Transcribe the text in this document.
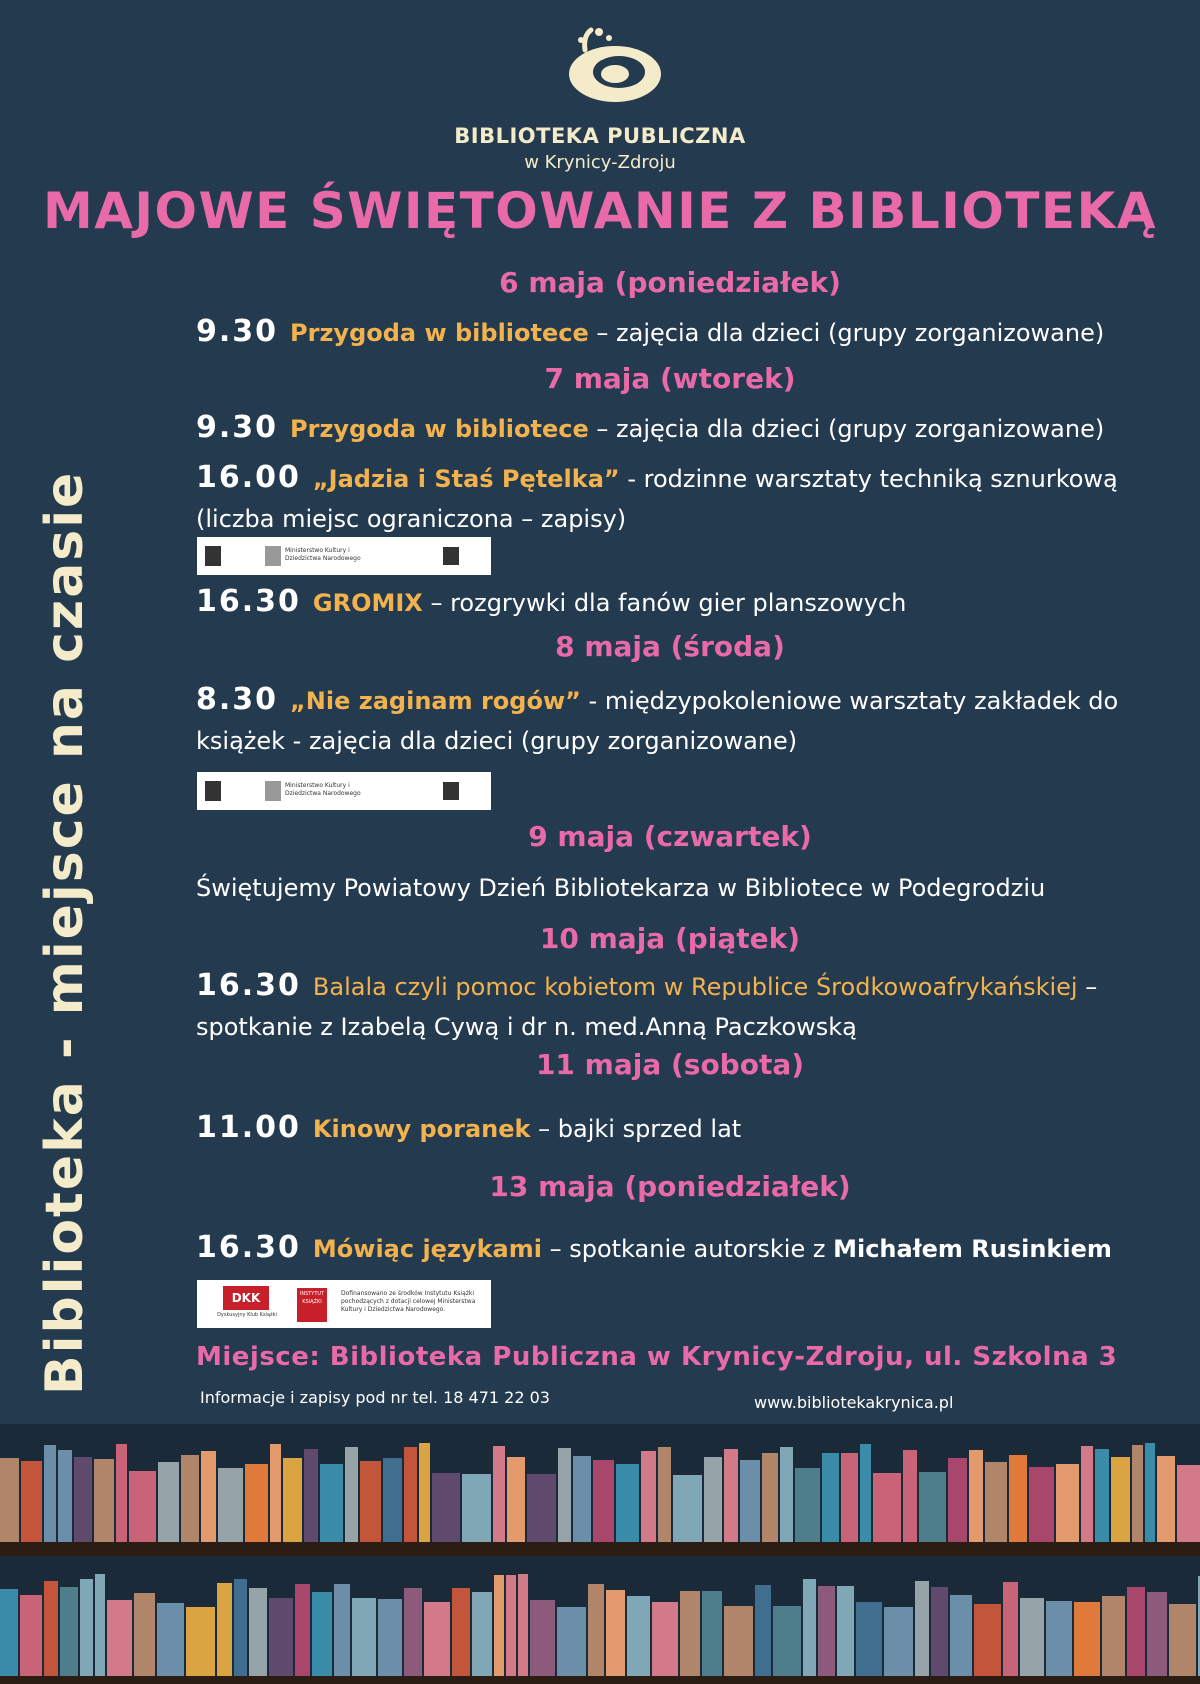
BIBLIOTEKA PUBLICZNA
w Krynicy-Zdroju
MAJOWE ŚWIĘTOWANIE Z BIBLIOTEKĄ
Biblioteka - miejsce na czasie
6 maja (poniedziałek)
9.30 Przygoda w bibliotece – zajęcia dla dzieci (grupy zorganizowane)
7 maja (wtorek)
9.30 Przygoda w bibliotece – zajęcia dla dzieci (grupy zorganizowane)
16.00 „Jadzia i Staś Pętelka” - rodzinne warsztaty techniką sznurkową (liczba miejsc ograniczona – zapisy)
Ministerstwo Kultury i Dziedzictwa Narodowego
16.30 GROMIX – rozgrywki dla fanów gier planszowych
8 maja (środa)
8.30 „Nie zaginam rogów” - międzypokoleniowe warsztaty zakładek do książek - zajęcia dla dzieci (grupy zorganizowane)
Ministerstwo Kultury i Dziedzictwa Narodowego
9 maja (czwartek)
Świętujemy Powiatowy Dzień Bibliotekarza w Bibliotece w Podegrodziu
10 maja (piątek)
16.30 Balala czyli pomoc kobietom w Republice Środkowoafrykańskiej – spotkanie z Izabelą Cywą i dr n. med.Anną Paczkowską
11 maja (sobota)
11.00 Kinowy poranek – bajki sprzed lat
13 maja (poniedziałek)
16.30 Mówiąc językami – spotkanie autorskie z Michałem Rusinkiem
DKK
Dyskusyjny Klub Książki
INSTYTUT KSIĄŻKI
Dofinansowano ze środków Instytutu Książki pochodzących z dotacji celowej Ministerstwa Kultury i Dziedzictwa Narodowego.
Miejsce: Biblioteka Publiczna w Krynicy-Zdroju, ul. Szkolna 3
Informacje i zapisy pod nr tel. 18 471 22 03	www.bibliotekakrynica.pl
